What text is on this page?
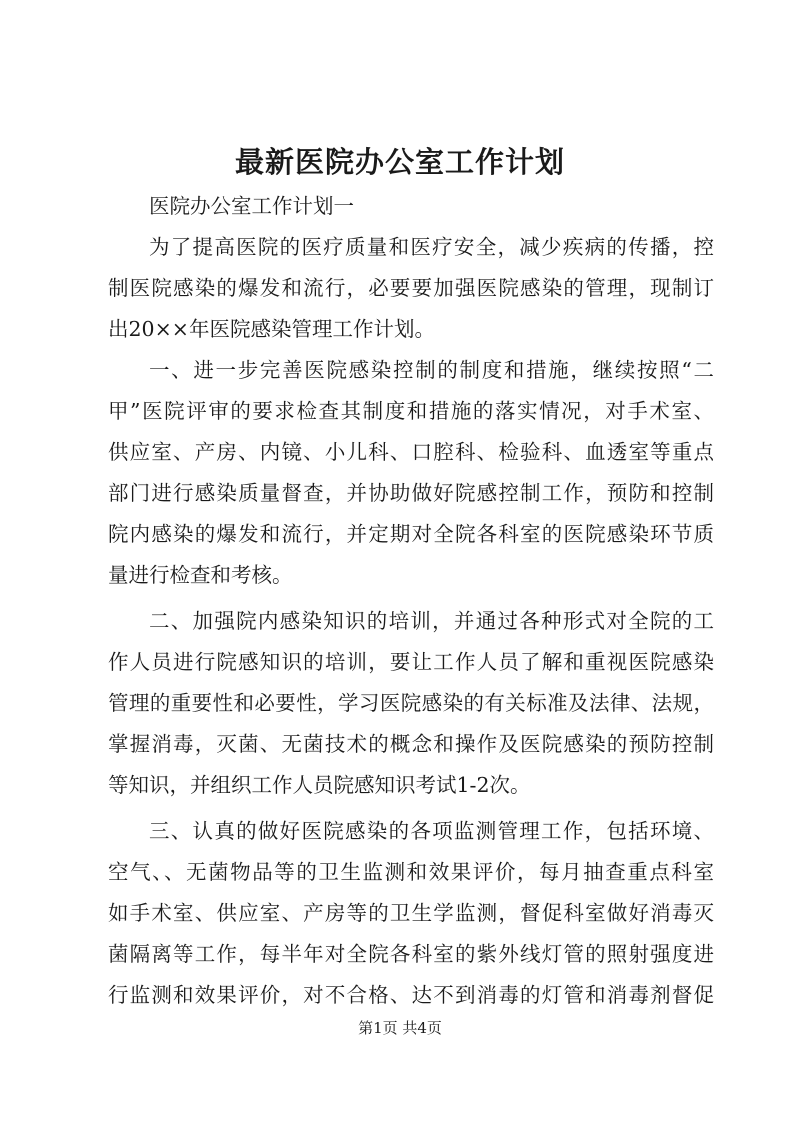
最新医院办公室工作计划
医院办公室工作计划一
为了提高医院的医疗质量和医疗安全，减少疾病的传播，控
制医院感染的爆发和流行，必要要加强医院感染的管理，现制订
出20××年医院感染管理工作计划。
一、进一步完善医院感染控制的制度和措施，继续按照“二
甲”医院评审的要求检查其制度和措施的落实情况，对手术室、
供应室、产房、内镜、小儿科、口腔科、检验科、血透室等重点
部门进行感染质量督查，并协助做好院感控制工作，预防和控制
院内感染的爆发和流行，并定期对全院各科室的医院感染环节质
量进行检查和考核。
二、加强院内感染知识的培训，并通过各种形式对全院的工
作人员进行院感知识的培训，要让工作人员了解和重视医院感染
管理的重要性和必要性，学习医院感染的有关标准及法律、法规，
掌握消毒，灭菌、无菌技术的概念和操作及医院感染的预防控制
等知识，并组织工作人员院感知识考试1-2次。
三、认真的做好医院感染的各项监测管理工作，包括环境、
空气、、无菌物品等的卫生监测和效果评价，每月抽查重点科室
如手术室、供应室、产房等的卫生学监测，督促科室做好消毒灭
菌隔离等工作，每半年对全院各科室的紫外线灯管的照射强度进
行监测和效果评价，对不合格、达不到消毒的灯管和消毒剂督促
第1页 共4页
